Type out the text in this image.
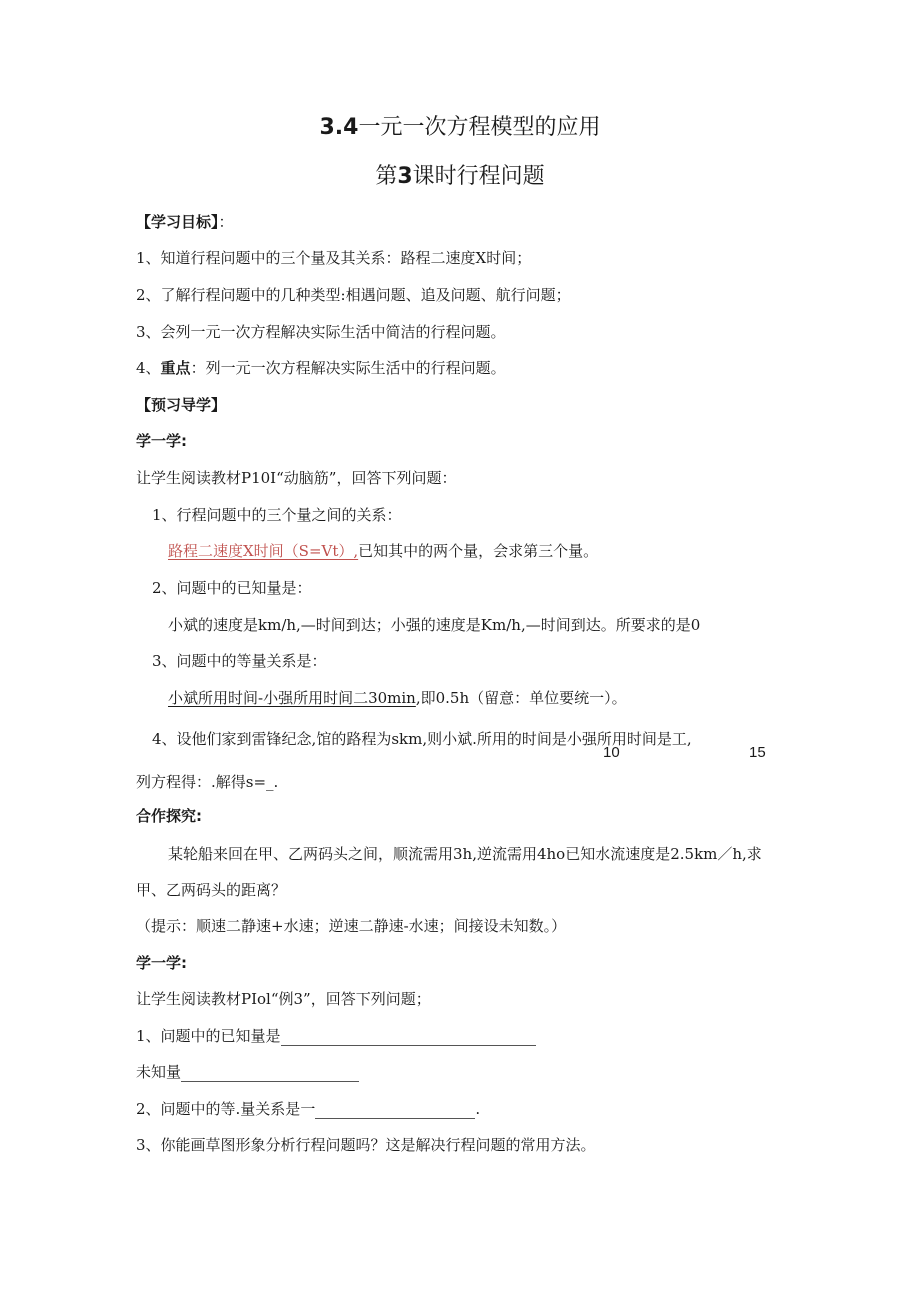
3.4一元一次方程模型的应用
第3课时行程问题
【学习目标】：
1、知道行程问题中的三个量及其关系：路程二速度X时间；
2、了解行程问题中的几种类型:相遇问题、追及问题、航行问题；
3、会列一元一次方程解决实际生活中简洁的行程问题。
4、重点：列一元一次方程解决实际生活中的行程问题。
【预习导学】
学一学:
让学生阅读教材P10I“动脑筋”，回答下列问题：
1、行程问题中的三个量之间的关系：
路程二速度X时间（S=Vt）,已知其中的两个量，会求第三个量。
2、问题中的已知量是：
小斌的速度是km/h,—时间到达；小强的速度是Km/h,—时间到达。所要求的是0
3、问题中的等量关系是：
小斌所用时间-小强所用时间二30min,即0.5h（留意：单位要统一）。
4、设他们家到雷锋纪念,馆的路程为skm,则小斌.所用的时间是小强所用时间是工,
10	15
列方程得：.解得s=_.
合作探究:
某轮船来回在甲、乙两码头之间，顺流需用3h,逆流需用4ho已知水流速度是2.5km／h,求
甲、乙两码头的距离？
（提示：顺速二静速+水速；逆速二静速-水速；间接设未知数。）
学一学:
让学生阅读教材PIol“例3”，回答下列问题；
1、问题中的已知量是
未知量
2、问题中的等.量关系是一	.
3、你能画草图形象分析行程问题吗？这是解决行程问题的常用方法。
